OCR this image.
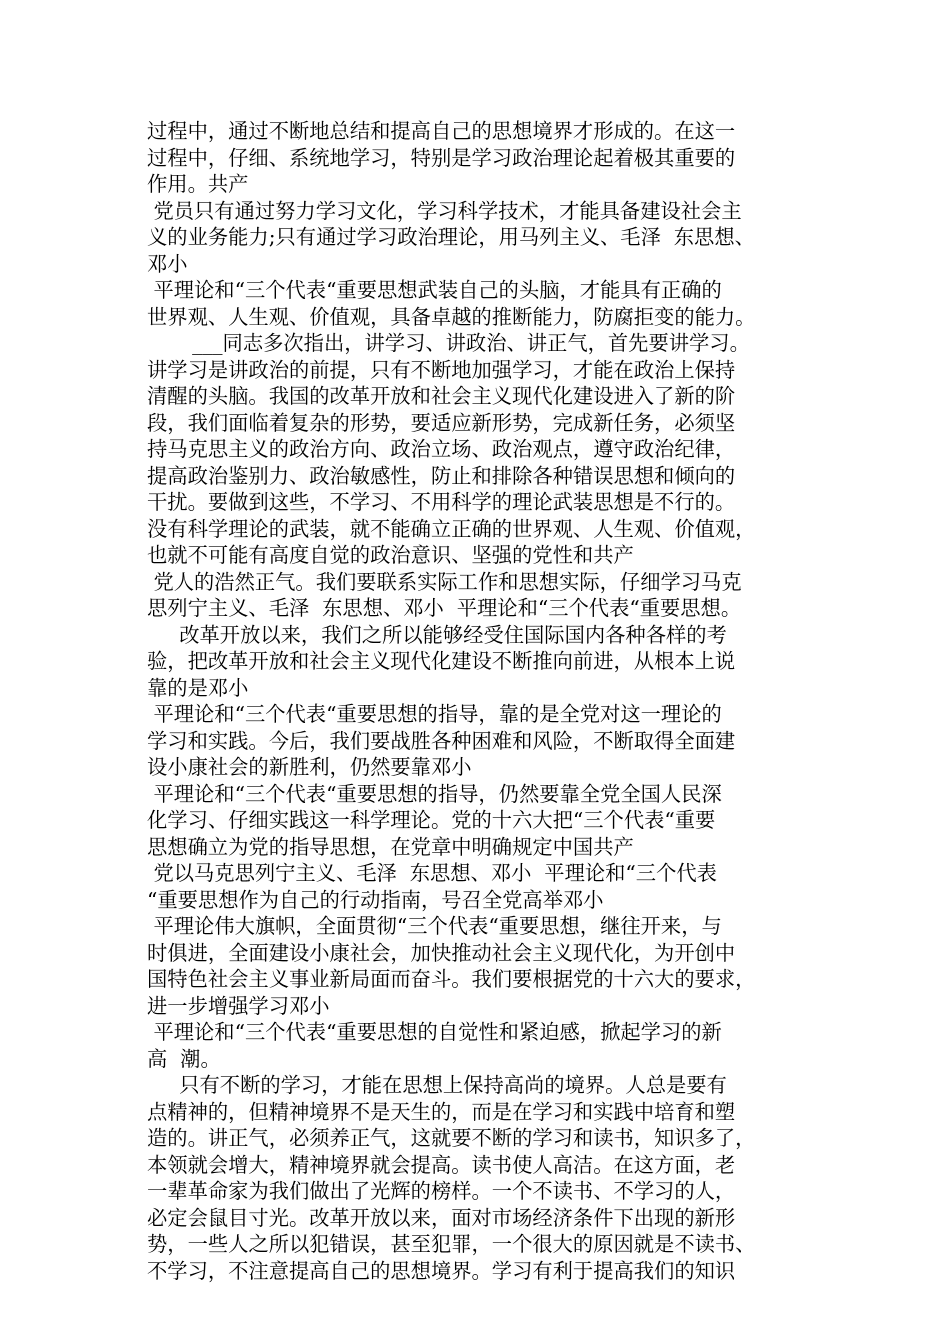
过程中，通过不断地总结和提高自己的思想境界才形成的。在这一
过程中，仔细、系统地学习，特别是学习政治理论起着极其重要的
作用。共产
党员只有通过努力学习文化，学习科学技术，才能具备建设社会主
义的业务能力;只有通过学习政治理论，用马列主义、毛泽  东思想、
邓小
平理论和“三个代表“重要思想武装自己的头脑，才能具有正确的
世界观、人生观、价值观，具备卓越的推断能力，防腐拒变的能力。
___同志多次指出，讲学习、讲政治、讲正气，首先要讲学习。
讲学习是讲政治的前提，只有不断地加强学习，才能在政治上保持
清醒的头脑。我国的改革开放和社会主义现代化建设进入了新的阶
段，我们面临着复杂的形势，要适应新形势，完成新任务，必须坚
持马克思主义的政治方向、政治立场、政治观点，遵守政治纪律，
提高政治鉴别力、政治敏感性，防止和排除各种错误思想和倾向的
干扰。要做到这些，不学习、不用科学的理论武装思想是不行的。
没有科学理论的武装，就不能确立正确的世界观、人生观、价值观，
也就不可能有高度自觉的政治意识、坚强的党性和共产
党人的浩然正气。我们要联系实际工作和思想实际，仔细学习马克
思列宁主义、毛泽  东思想、邓小  平理论和“三个代表“重要思想。
改革开放以来，我们之所以能够经受住国际国内各种各样的考
验，把改革开放和社会主义现代化建设不断推向前进，从根本上说
靠的是邓小
平理论和“三个代表“重要思想的指导，靠的是全党对这一理论的
学习和实践。今后，我们要战胜各种困难和风险，不断取得全面建
设小康社会的新胜利，仍然要靠邓小
平理论和“三个代表“重要思想的指导，仍然要靠全党全国人民深
化学习、仔细实践这一科学理论。党的十六大把“三个代表“重要
思想确立为党的指导思想，在党章中明确规定中国共产
党以马克思列宁主义、毛泽  东思想、邓小  平理论和“三个代表
“重要思想作为自己的行动指南，号召全党高举邓小
平理论伟大旗帜，全面贯彻“三个代表“重要思想，继往开来，与
时俱进，全面建设小康社会，加快推动社会主义现代化，为开创中
国特色社会主义事业新局面而奋斗。我们要根据党的十六大的要求，
进一步增强学习邓小
平理论和“三个代表“重要思想的自觉性和紧迫感，掀起学习的新
高  潮。
只有不断的学习，才能在思想上保持高尚的境界。人总是要有
点精神的，但精神境界不是天生的，而是在学习和实践中培育和塑
造的。讲正气，必须养正气，这就要不断的学习和读书，知识多了，
本领就会增大，精神境界就会提高。读书使人高洁。在这方面，老
一辈革命家为我们做出了光辉的榜样。一个不读书、不学习的人，
必定会鼠目寸光。改革开放以来，面对市场经济条件下出现的新形
势，一些人之所以犯错误，甚至犯罪，一个很大的原因就是不读书、
不学习，不注意提高自己的思想境界。学习有利于提高我们的知识
